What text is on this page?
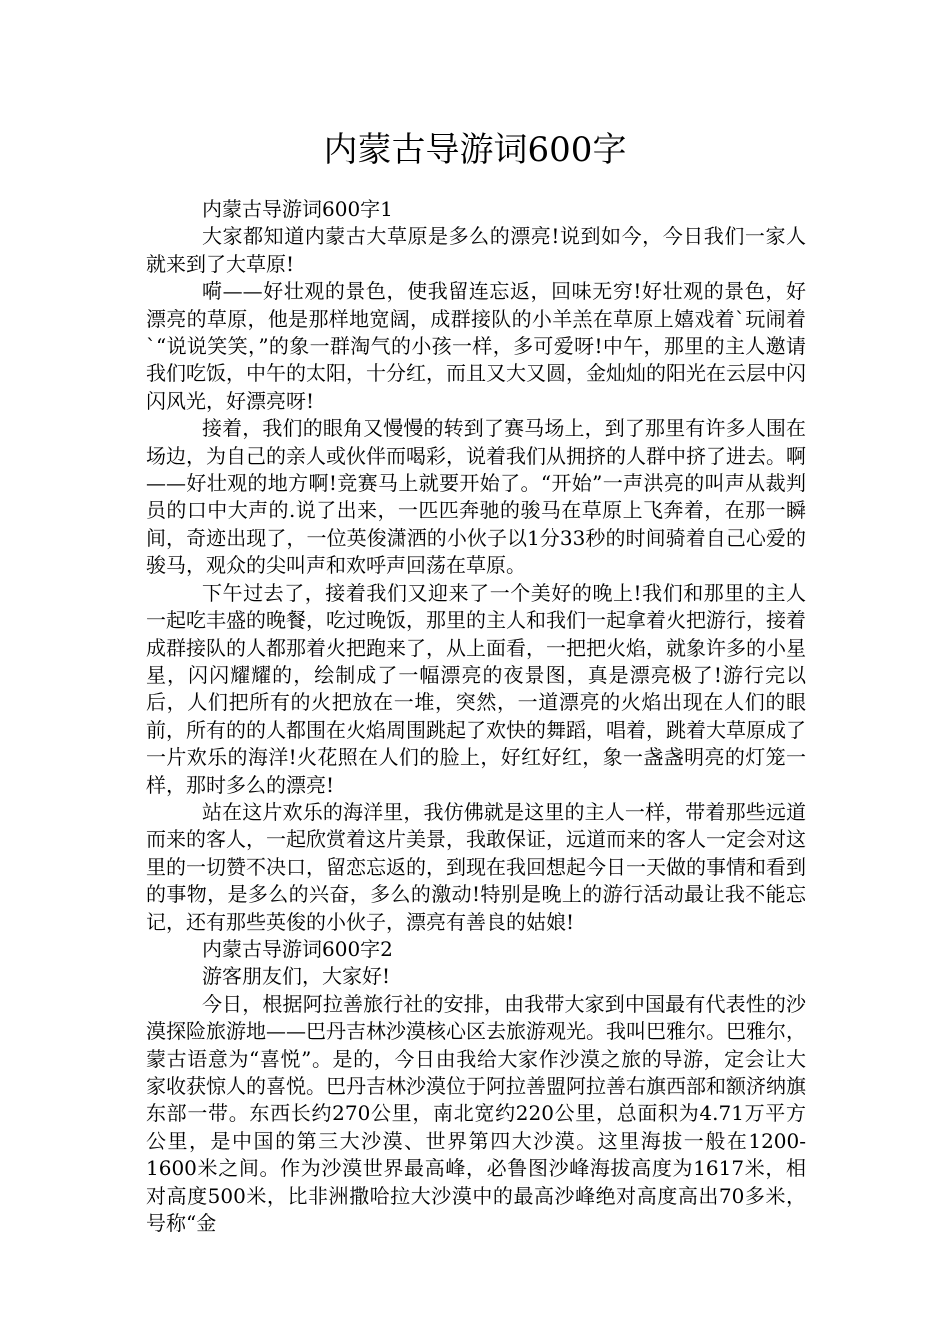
内蒙古导游词600字

内蒙古导游词600字1

大家都知道内蒙古大草原是多么的漂亮!说到如今，今日我们一家人就来到了大草原!

嗬——好壮观的景色，使我留连忘返，回味无穷!好壮观的景色，好漂亮的草原，他是那样地宽阔，成群接队的小羊羔在草原上嬉戏着`玩闹着`“说说笑笑，”的象一群淘气的小孩一样，多可爱呀!中午，那里的主人邀请我们吃饭，中午的太阳，十分红，而且又大又圆，金灿灿的阳光在云层中闪闪风光，好漂亮呀!

接着，我们的眼角又慢慢的转到了赛马场上，到了那里有许多人围在场边，为自己的亲人或伙伴而喝彩，说着我们从拥挤的人群中挤了进去。啊——好壮观的地方啊!竞赛马上就要开始了。“开始”一声洪亮的叫声从裁判员的口中大声的.说了出来，一匹匹奔驰的骏马在草原上飞奔着，在那一瞬间，奇迹出现了，一位英俊潇洒的小伙子以1分33秒的时间骑着自己心爱的骏马，观众的尖叫声和欢呼声回荡在草原。

下午过去了，接着我们又迎来了一个美好的晚上!我们和那里的主人一起吃丰盛的晚餐，吃过晚饭，那里的主人和我们一起拿着火把游行，接着成群接队的人都那着火把跑来了，从上面看，一把把火焰，就象许多的小星星，闪闪耀耀的，绘制成了一幅漂亮的夜景图，真是漂亮极了!游行完以后，人们把所有的火把放在一堆，突然，一道漂亮的火焰出现在人们的眼前，所有的的人都围在火焰周围跳起了欢快的舞蹈，唱着，跳着大草原成了一片欢乐的海洋!火花照在人们的脸上，好红好红，象一盏盏明亮的灯笼一样，那时多么的漂亮!

站在这片欢乐的海洋里，我仿佛就是这里的主人一样，带着那些远道而来的客人，一起欣赏着这片美景，我敢保证，远道而来的客人一定会对这里的一切赞不决口，留恋忘返的，到现在我回想起今日一天做的事情和看到的事物，是多么的兴奋，多么的激动!特别是晚上的游行活动最让我不能忘记，还有那些英俊的小伙子，漂亮有善良的姑娘!

内蒙古导游词600字2

游客朋友们，大家好!

今日，根据阿拉善旅行社的安排，由我带大家到中国最有代表性的沙漠探险旅游地——巴丹吉林沙漠核心区去旅游观光。我叫巴雅尔。巴雅尔，蒙古语意为“喜悦”。是的，今日由我给大家作沙漠之旅的导游，定会让大家收获惊人的喜悦。巴丹吉林沙漠位于阿拉善盟阿拉善右旗西部和额济纳旗东部一带。东西长约270公里，南北宽约220公里，总面积为4.71万平方公里，是中国的第三大沙漠、世界第四大沙漠。这里海拔一般在1200-1600米之间。作为沙漠世界最高峰，必鲁图沙峰海拔高度为1617米，相对高度500米，比非洲撒哈拉大沙漠中的最高沙峰绝对高度高出70多米，号称“金
